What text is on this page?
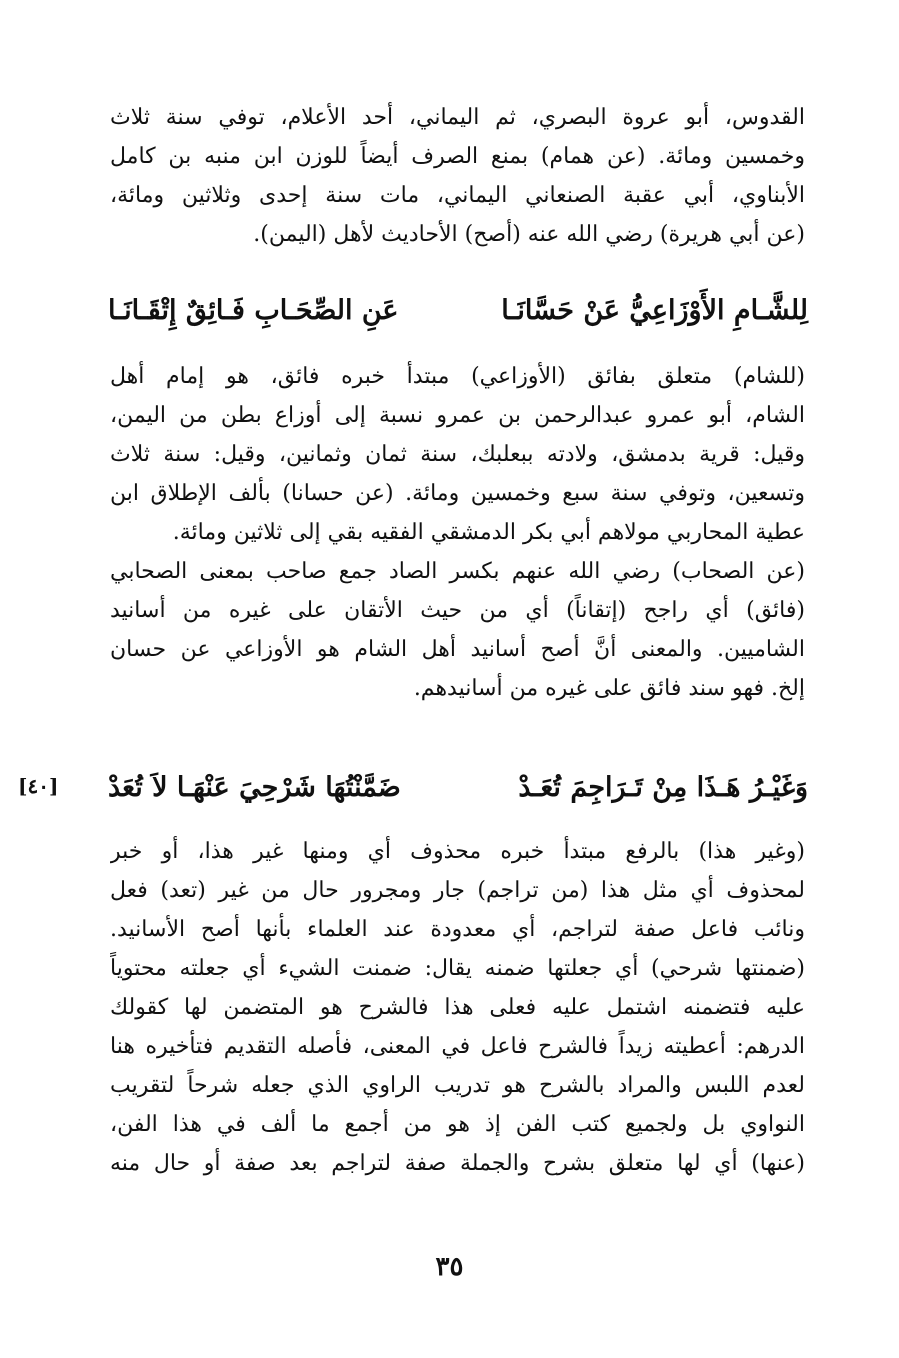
القدوس، أبو عروة البصري، ثم اليماني، أحد الأعلام، توفي سنة ثلاث
وخمسين ومائة. (عن همام) بمنع الصرف أيضاً للوزن ابن منبه بن كامل
الأبناوي، أبي عقبة الصنعاني اليماني، مات سنة إحدى وثلاثين ومائة،
(عن أبي هريرة) رضي الله عنه (أصح) الأحاديث لأهل (اليمن).
لِلشَّـامِ الأَوْزَاعِيُّ عَنْ حَسَّانَـا
عَنِ الصِّحَـابِ فَـائِقٌ إِتْقَـانَـا
(للشام) متعلق بفائق (الأوزاعي) مبتدأ خبره فائق، هو إمام أهل
الشام، أبو عمرو عبدالرحمن بن عمرو نسبة إلى أوزاع بطن من اليمن،
وقيل: قرية بدمشق، ولادته ببعلبك، سنة ثمان وثمانين، وقيل: سنة ثلاث
وتسعين، وتوفي سنة سبع وخمسين ومائة. (عن حسانا) بألف الإطلاق ابن
عطية المحاربي مولاهم أبي بكر الدمشقي الفقيه بقي إلى ثلاثين ومائة.
(عن الصحاب) رضي الله عنهم بكسر الصاد جمع صاحب بمعنى الصحابي
(فائق) أي راجح (إتقاناً) أي من حيث الأتقان على غيره من أسانيد
الشاميين. والمعنى أنَّ أصح أسانيد أهل الشام هو الأوزاعي عن حسان
إلخ. فهو سند فائق على غيره من أسانيدهم.
وَغَيْـرُ هَـذَا مِنْ تَـرَاجِمَ تُعَـدْ
ضَمَّنْتُهَا شَرْحِيَ عَنْهَـا لاَ تُعَدْ
[٤٠]
(وغير هذا) بالرفع مبتدأ خبره محذوف أي ومنها غير هذا، أو خبر
لمحذوف أي مثل هذا (من تراجم) جار ومجرور حال من غير (تعد) فعل
ونائب فاعل صفة لتراجم، أي معدودة عند العلماء بأنها أصح الأسانيد.
(ضمنتها شرحي) أي جعلتها ضمنه يقال: ضمنت الشيء أي جعلته محتوياً
عليه فتضمنه اشتمل عليه فعلى هذا فالشرح هو المتضمن لها كقولك
الدرهم: أعطيته زيداً فالشرح فاعل في المعنى، فأصله التقديم فتأخيره هنا
لعدم اللبس والمراد بالشرح هو تدريب الراوي الذي جعله شرحاً لتقريب
النواوي بل ولجميع كتب الفن إذ هو من أجمع ما ألف في هذا الفن،
(عنها) أي لها متعلق بشرح والجملة صفة لتراجم بعد صفة أو حال منه
٣٥
